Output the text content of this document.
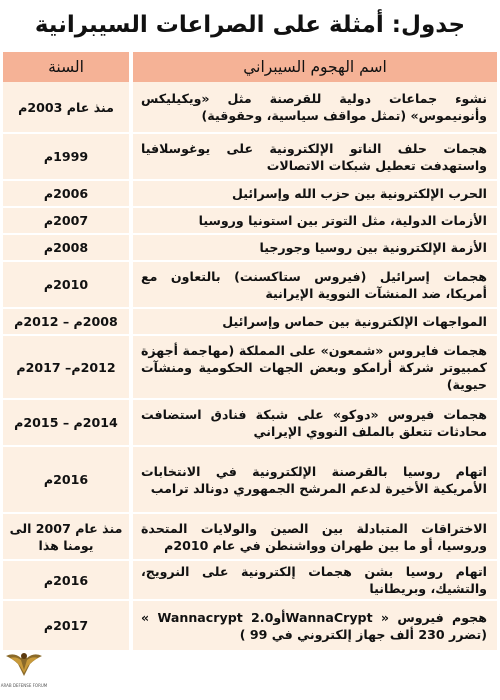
جدول: أمثلة على الصراعات السيبرانية
اسم الهجوم السيبراني	السنة
نشوء جماعات دولية للقرصنة مثل «ويكيليكس وأنونيموس» (تمثل مواقف سياسية، وحقوقية)	منذ عام 2003م
هجمات حلف الناتو الإلكترونية على يوغوسلافيا واستهدفت تعطيل شبكات الاتصالات	1999م
الحرب الإلكترونية بين حزب الله وإسرائيل	2006م
الأزمات الدولية، مثل التوتر بين استونيا وروسيا	2007م
الأزمة الإلكترونية بين روسيا وجورجيا	2008م
هجمات إسرائيل (فيروس ستاكسنت) بالتعاون مع أمريكا، ضد المنشآت النووية الإيرانية	2010م
المواجهات الإلكترونية بين حماس وإسرائيل	2008م – 2012م
هجمات فايروس «شمعون» على المملكة (مهاجمة أجهزة كمبيوتر شركة أرامكو وبعض الجهات الحكومية ومنشآت حيوية)	2012م– 2017م
هجمات فيروس «دوكو» على شبكة فنادق استضافت محادثات تتعلق بالملف النووي الإيراني	2014م – 2015م
اتهام روسيا بالقرصنة الإلكترونية في الانتخابات الأمريكية الأخيرة لدعم المرشح الجمهوري دونالد ترامب	2016م
الاختراقات المتبادلة بين الصين والولايات المتحدة وروسيا، أو ما بين طهران وواشنطن في عام 2010م	منذ عام 2007 الى يومنا هذا
اتهام روسيا بشن هجمات إلكترونية على النرويج، والتشيك، وبريطانيا	2016م
هجوم فيروس « WannaCryptأو2.0 Wannacrypt » (تضرر 230 ألف جهاز إلكتروني في 99 )	2017م
ARAB DEFENSE FORUM
